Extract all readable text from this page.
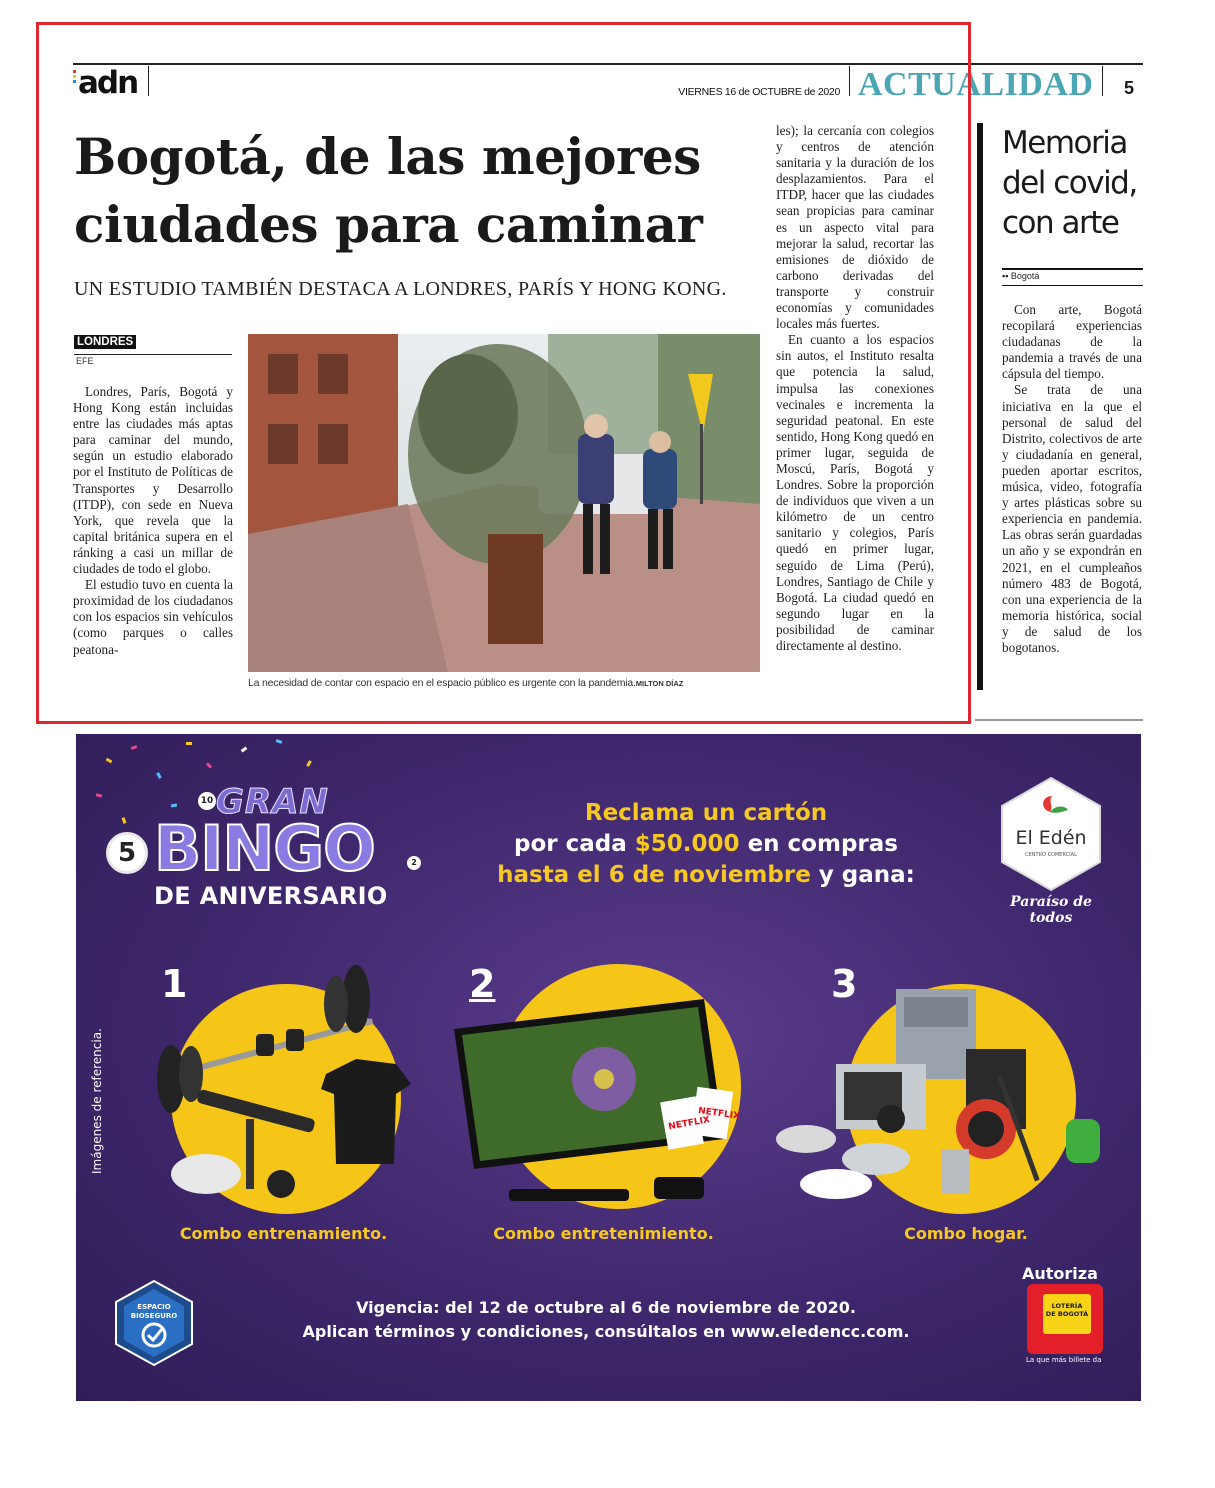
adn	VIERNES 16 de OCTUBRE de 2020 ACTUALIDAD 5
Bogotá, de las mejores
ciudades para caminar
UN ESTUDIO TAMBIÉN DESTACA A LONDRES, PARÍS Y HONG KONG.
LONDRES
EFE

Londres, París, Bogotá y Hong Kong están incluidas entre las ciudades más aptas para caminar del mundo, según un estudio elaborado por el Instituto de Políticas de Transportes y Desarrollo (ITDP), con sede en Nueva York, que revela que la capital británica supera en el ránking a casi un millar de ciudades de todo el globo.

El estudio tuvo en cuenta la proximidad de los ciudadanos con los espacios sin vehículos (como parques o calles peatona-

La necesidad de contar con espacio en el espacio público es urgente con la pandemia.MILTON DÍAZ

les); la cercanía con colegios y centros de atención sanitaria y la duración de los desplazamientos. Para el ITDP, hacer que las ciudades sean propicias para caminar es un aspecto vital para mejorar la salud, recortar las emisiones de dióxido de carbono derivadas del transporte y construir economías y comunidades locales más fuertes.

En cuanto a los espacios sin autos, el Instituto resalta que potencia la salud, impulsa las conexiones vecinales e incrementa la seguridad peatonal. En este sentido, Hong Kong quedó en primer lugar, seguida de Moscú, París, Bogotá y Londres. Sobre la proporción de individuos que viven a un kilómetro de un centro sanitario y colegios, París quedó en primer lugar, seguido de Lima (Perú), Londres, Santiago de Chile y Bogotá. La ciudad quedó en segundo lugar en la posibilidad de caminar directamente al destino.

Memoria del covid, con arte
▪▪ Bogotá

Con arte, Bogotá recopilará experiencias ciudadanas de la pandemia a través de una cápsula del tiempo.

Se trata de una iniciativa en la que el personal de salud del Distrito, colectivos de arte y ciudadanía en general, pueden aportar escritos, música, video, fotografía y artes plásticas sobre su experiencia en pandemia. Las obras serán guardadas un año y se expondrán en 2021, en el cumpleaños número 483 de Bogotá, con una experiencia de la memoria histórica, social y de salud de los bogotanos.

10 GRAN
5 BINGO	2
DE ANIVERSARIO
Reclama un cartón
por cada $50.000 en compras
hasta el 6 de noviembre y gana:
El Edén
CENTRO COMERCIAL
Paraíso de todos
Imágenes de referencia.
1
Combo entrenamiento.
2
NETFLIX
NETFLIX
Combo entretenimiento.
3
Combo hogar.
ESPACIO
BIOSEGURO	Vigencia: del 12 de octubre al 6 de noviembre de 2020.
Aplican términos y condiciones, consúltalos en www.eledencc.com.
Autoriza
LOTERÍA
DE BOGOTÁ
La que más billete da
